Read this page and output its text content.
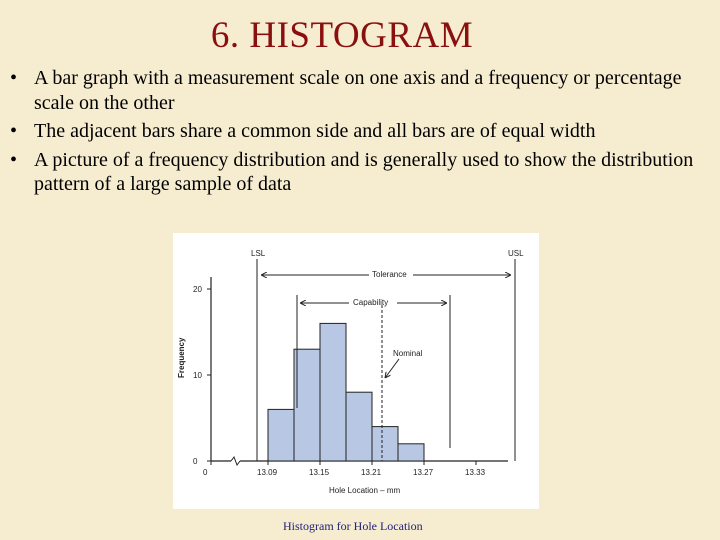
6. HISTOGRAM
• A bar graph with a measurement scale on one axis and a frequency or percentage scale on the other
• The adjacent bars share a common side and all bars are of equal width
• A picture of a frequency distribution and is generally used to show the distribution pattern of a large sample of data
0
10
20
0	13.09	13.15	13.21	13.27	13.33
LSL	USL
Tolerance
Capability
Nominal
Frequency
Hole Location – mm
Histogram for Hole Location
